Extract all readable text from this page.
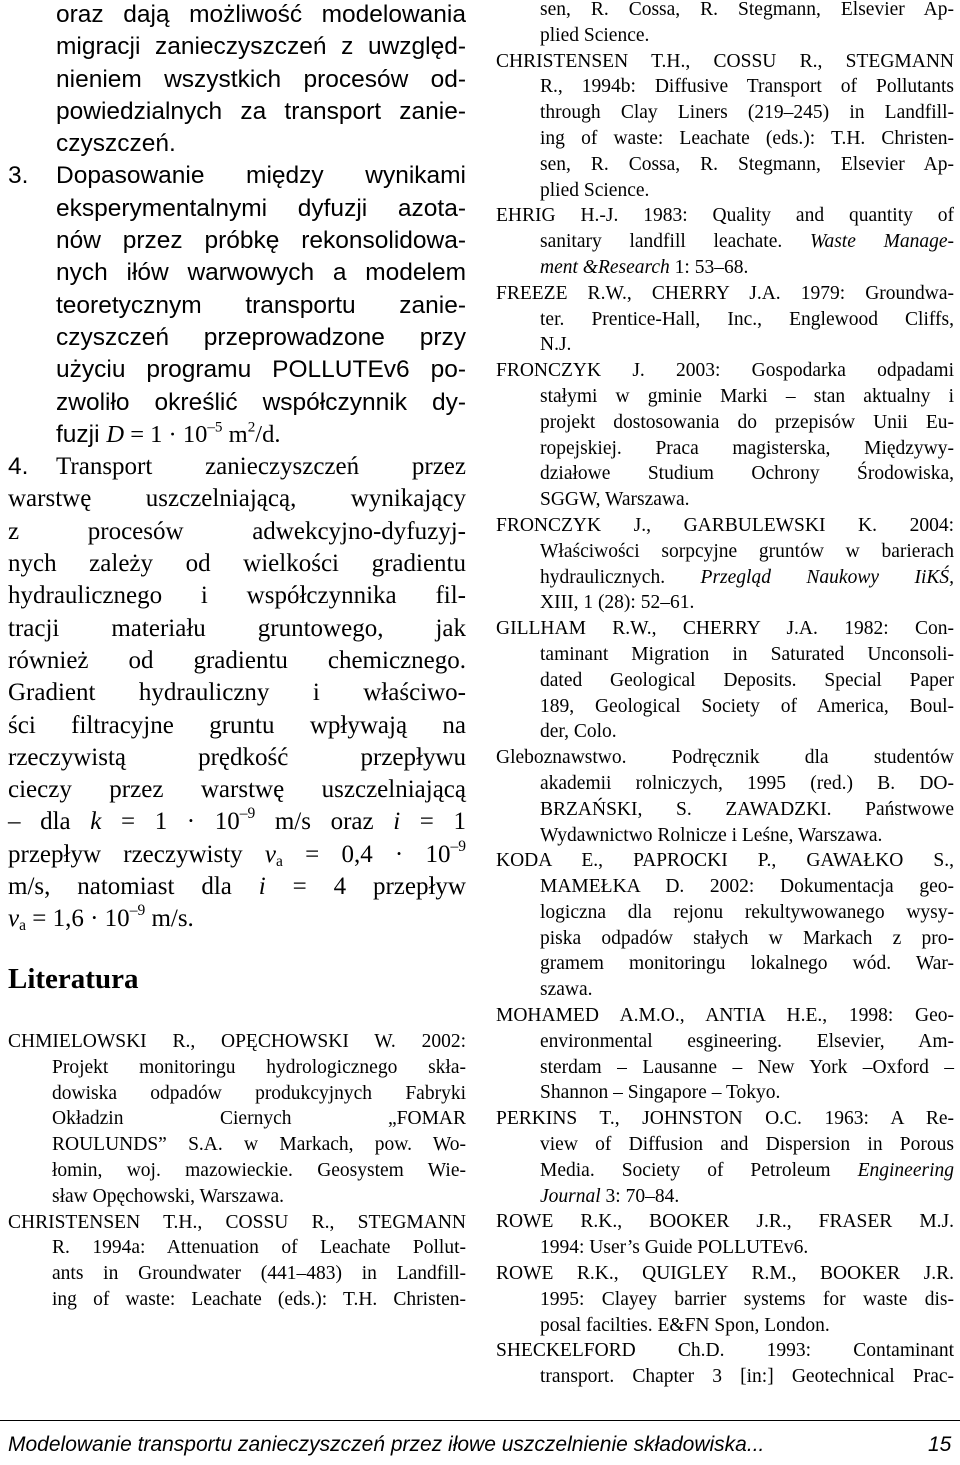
oraz dają możliwość modelowania
migracji zanieczyszczeń z uwzględ-
nieniem wszystkich procesów od-
powiedzialnych za transport zanie-
czyszczeń.
3. Dopasowanie między wynikami
eksperymentalnymi dyfuzji azota-
nów przez próbkę rekonsolidowa-
nych iłów warwowych a modelem
teoretycznym transportu zanie-
czyszczeń przeprowadzone przy
użyciu programu POLLUTEv6 po-
zwoliło określić współczynnik dy-
fuzji $D = 1 \cdot 10^{-5}$ $m^2/d$.
4. Transport zanieczyszczeń przez
warstwę uszczelniającą, wynikający
z procesów adwekcyjno-dyfuzyj-
nych zależy od wielkości gradientu
hydraulicznego i współczynnika fil-
tracji materiału gruntowego, jak
również od gradientu chemicznego.
Gradient hydrauliczny i właściwo-
ści filtracyjne gruntu wpływają na
rzeczywistą prędkość przepływu
cieczy przez warstwę uszczelniającą
– dla $k = 1 \cdot 10^{-9}$ m/s oraz i = 1
przepływ rzeczywisty $v_a = 0,4 \cdot 10^{-9}$
m/s, natomiast dla i = 4 przepływ
$v_a = 1,6 \cdot 10^{-9}$ m/s.
Literatura
CHMIELOWSKI R., OPĘCHOWSKI W. 2002:
Projekt monitoringu hydrologicznego skła-
dowiska odpadów produkcyjnych Fabryki
Okładzin Ciernych „FOMAR
ROULUNDS” S.A. w Markach, pow. Wo-
łomin, woj. mazowieckie. Geosystem Wie-
sław Opęchowski, Warszawa.
CHRISTENSEN T.H., COSSU R., STEGMANN
R. 1994a: Attenuation of Leachate Pollut-
ants in Groundwater (441–483) in Landfill-
ing of waste: Leachate (eds.): T.H. Christen-
sen, R. Cossa, R. Stegmann, Elsevier Ap-
plied Science.
CHRISTENSEN T.H., COSSU R., STEGMANN
R., 1994b: Diffusive Transport of Pollutants
through Clay Liners (219–245) in Landfill-
ing of waste: Leachate (eds.): T.H. Christen-
sen, R. Cossa, R. Stegmann, Elsevier Ap-
plied Science.
EHRIG H.-J. 1983: Quality and quantity of
sanitary landfill leachate. Waste Manage-
ment &Research 1: 53–68.
FREEZE R.W., CHERRY J.A. 1979: Groundwa-
ter. Prentice-Hall, Inc., Englewood Cliffs,
N.J.
FRONCZYK J. 2003: Gospodarka odpadami
stałymi w gminie Marki – stan aktualny i
projekt dostosowania do przepisów Unii Eu-
ropejskiej. Praca magisterska, Międzywy-
działowe Studium Ochrony Środowiska,
SGGW, Warszawa.
FRONCZYK J., GARBULEWSKI K. 2004:
Właściwości sorpcyjne gruntów w barierach
hydraulicznych. Przegląd Naukowy IiKŚ,
XIII, 1 (28): 52–61.
GILLHAM R.W., CHERRY J.A. 1982: Con-
taminant Migration in Saturated Unconsoli-
dated Geological Deposits. Special Paper
189, Geological Society of America, Boul-
der, Colo.
Gleboznawstwo. Podręcznik dla studentów
akademii rolniczych, 1995 (red.) B. DO-
BRZAŃSKI, S. ZAWADZKI. Państwowe
Wydawnictwo Rolnicze i Leśne, Warszawa.
KODA E., PAPROCKI P., GAWAŁKO S.,
MAMEŁKA D. 2002: Dokumentacja geo-
logiczna dla rejonu rekultywowanego wysy-
piska odpadów stałych w Markach z pro-
gramem monitoringu lokalnego wód. War-
szawa.
MOHAMED A.M.O., ANTIA H.E., 1998: Geo-
environmental esgineering. Elsevier, Am-
sterdam – Lausanne – New York –Oxford –
Shannon – Singapore – Tokyo.
PERKINS T., JOHNSTON O.C. 1963: A Re-
view of Diffusion and Dispersion in Porous
Media. Society of Petroleum Engineering
Journal 3: 70–84.
ROWE R.K., BOOKER J.R., FRASER M.J.
1994: User’s Guide POLLUTEv6.
ROWE R.K., QUIGLEY R.M., BOOKER J.R.
1995: Clayey barrier systems for waste dis-
posal facilties. E&FN Spon, London.
SHECKELFORD Ch.D. 1993: Contaminant
transport. Chapter 3 [in:] Geotechnical Prac-
Modelowanie transportu zanieczyszczeń przez iłowe uszczelnienie składowiska...	15
